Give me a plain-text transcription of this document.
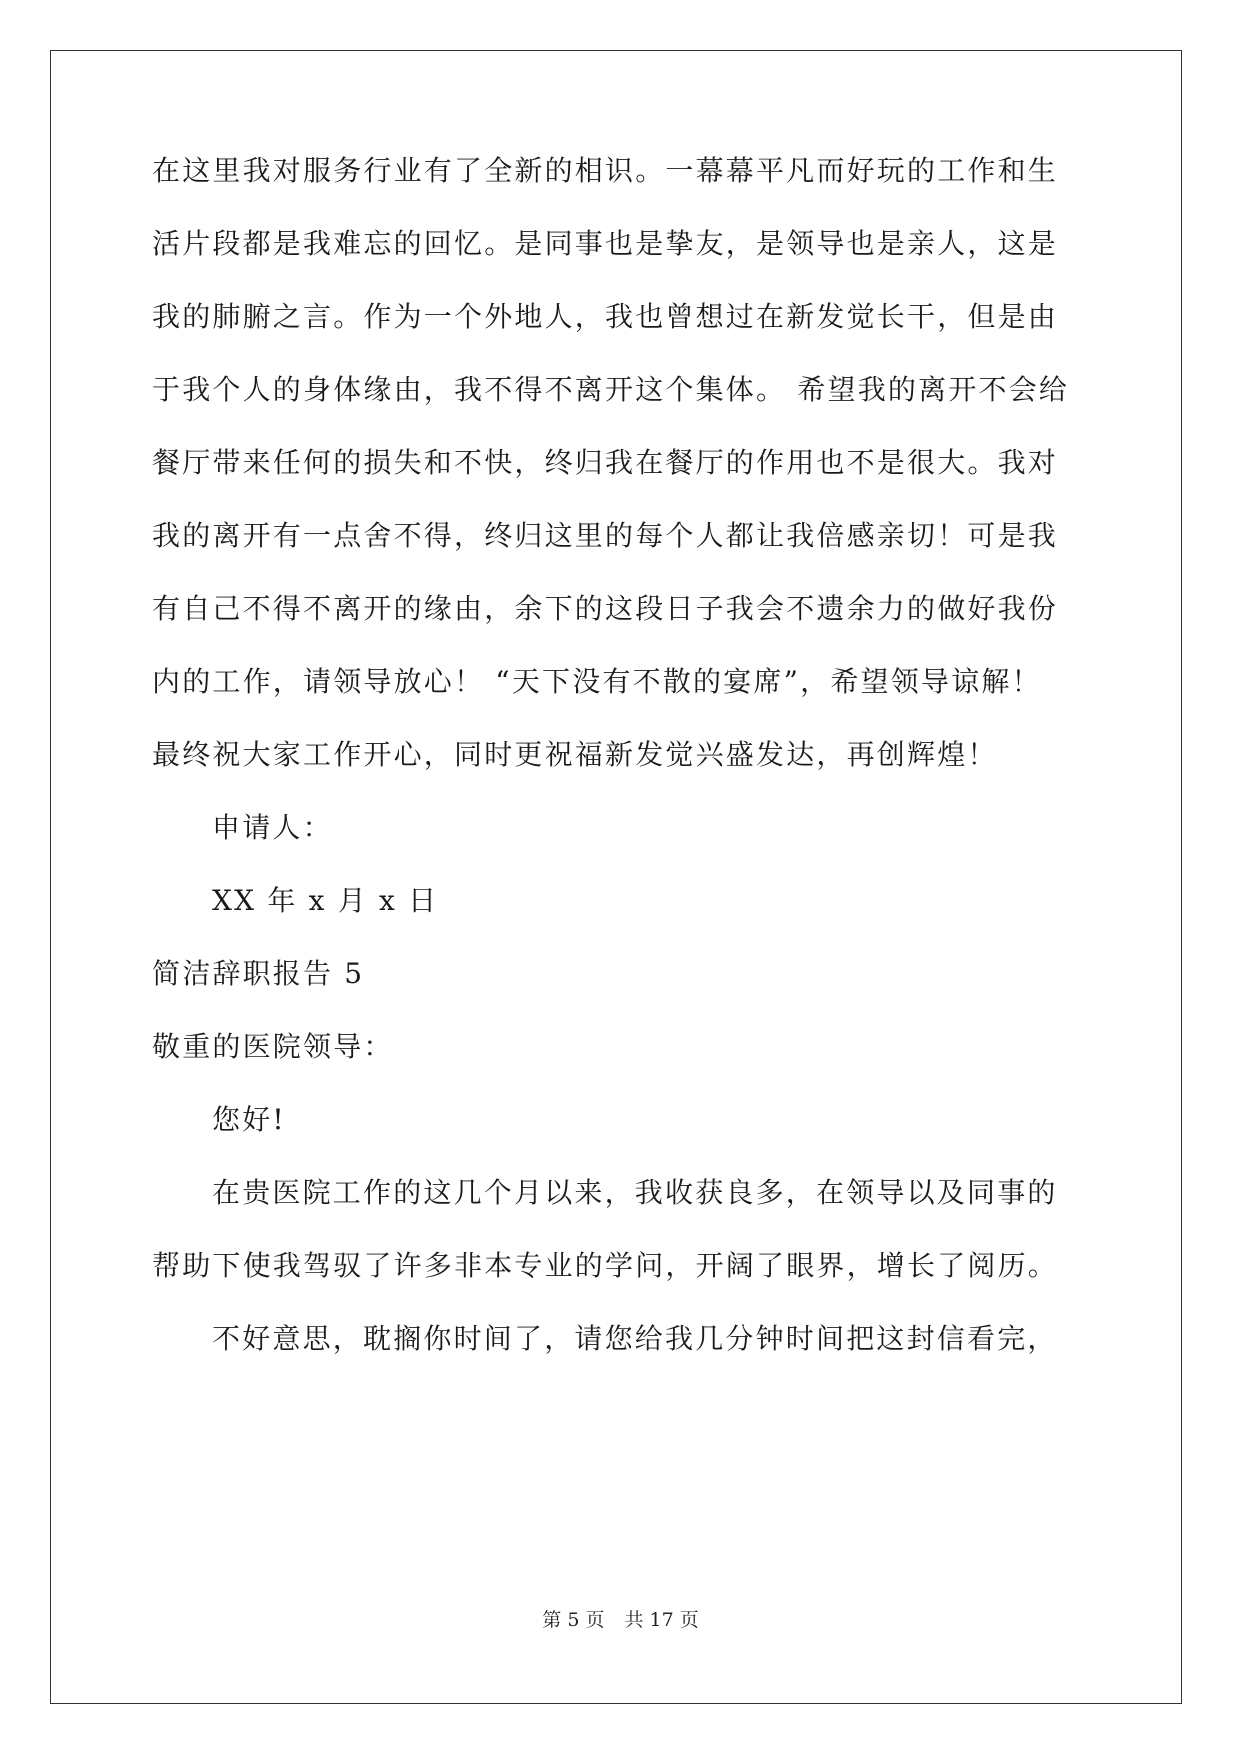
在这里我对服务行业有了全新的相识。一幕幕平凡而好玩的工作和生
活片段都是我难忘的回忆。是同事也是挚友，是领导也是亲人，这是
我的肺腑之言。作为一个外地人，我也曾想过在新发觉长干，但是由
于我个人的身体缘由，我不得不离开这个集体。 希望我的离开不会给
餐厅带来任何的损失和不快，终归我在餐厅的作用也不是很大。我对
我的离开有一点舍不得，终归这里的每个人都让我倍感亲切！可是我
有自己不得不离开的缘由，余下的这段日子我会不遗余力的做好我份
内的工作，请领导放心！ “天下没有不散的宴席”，希望领导谅解！
最终祝大家工作开心，同时更祝福新发觉兴盛发达，再创辉煌！
申请人：
XX 年 x 月 x 日
简洁辞职报告 5
敬重的医院领导：
您好!
在贵医院工作的这几个月以来，我收获良多，在领导以及同事的
帮助下使我驾驭了许多非本专业的学问，开阔了眼界，增长了阅历。
不好意思，耽搁你时间了，请您给我几分钟时间把这封信看完，
第 5 页 共 17 页
